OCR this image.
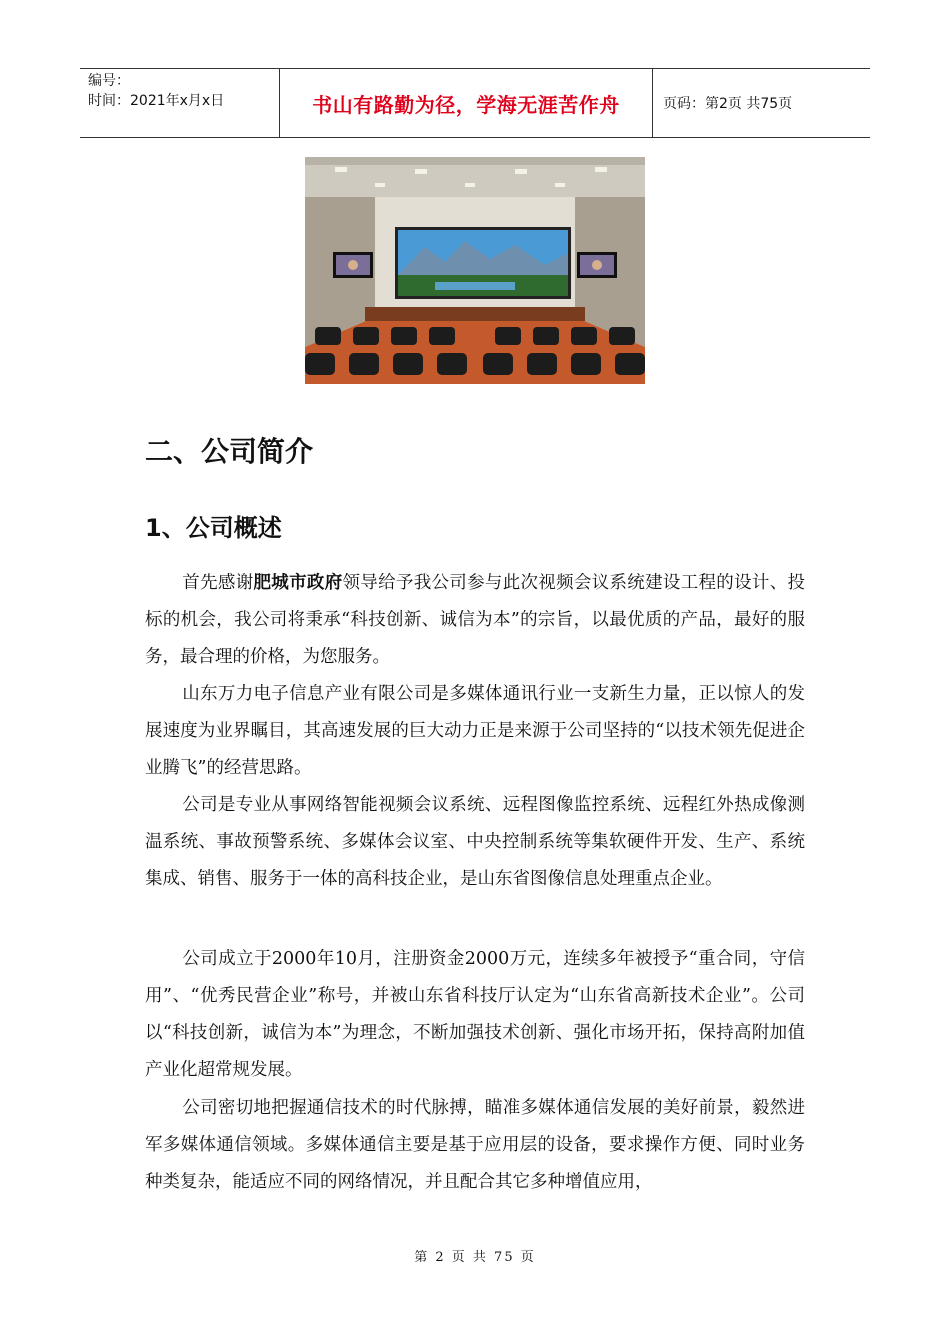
编号：
时间：2021年x月x日	书山有路勤为径，学海无涯苦作舟	页码：第2页 共75页
二、公司简介
1、公司概述
首先感谢肥城市政府领导给予我公司参与此次视频会议系统建设工程的设计、投标的机会，我公司将秉承“科技创新、诚信为本”的宗旨，以最优质的产品，最好的服务，最合理的价格，为您服务。
山东万力电子信息产业有限公司是多媒体通讯行业一支新生力量，正以惊人的发展速度为业界瞩目，其高速发展的巨大动力正是来源于公司坚持的“以技术领先促进企业腾飞”的经营思路。
公司是专业从事网络智能视频会议系统、远程图像监控系统、远程红外热成像测温系统、事故预警系统、多媒体会议室、中央控制系统等集软硬件开发、生产、系统集成、销售、服务于一体的高科技企业，是山东省图像信息处理重点企业。
公司成立于2000年10月，注册资金2000万元，连续多年被授予“重合同，守信用”、“优秀民营企业”称号，并被山东省科技厅认定为“山东省高新技术企业”。公司以“科技创新，诚信为本”为理念，不断加强技术创新、强化市场开拓，保持高附加值产业化超常规发展。
公司密切地把握通信技术的时代脉搏，瞄准多媒体通信发展的美好前景，毅然进军多媒体通信领域。多媒体通信主要是基于应用层的设备，要求操作方便、同时业务种类复杂，能适应不同的网络情况，并且配合其它多种增值应用，
第 2 页 共 75 页
